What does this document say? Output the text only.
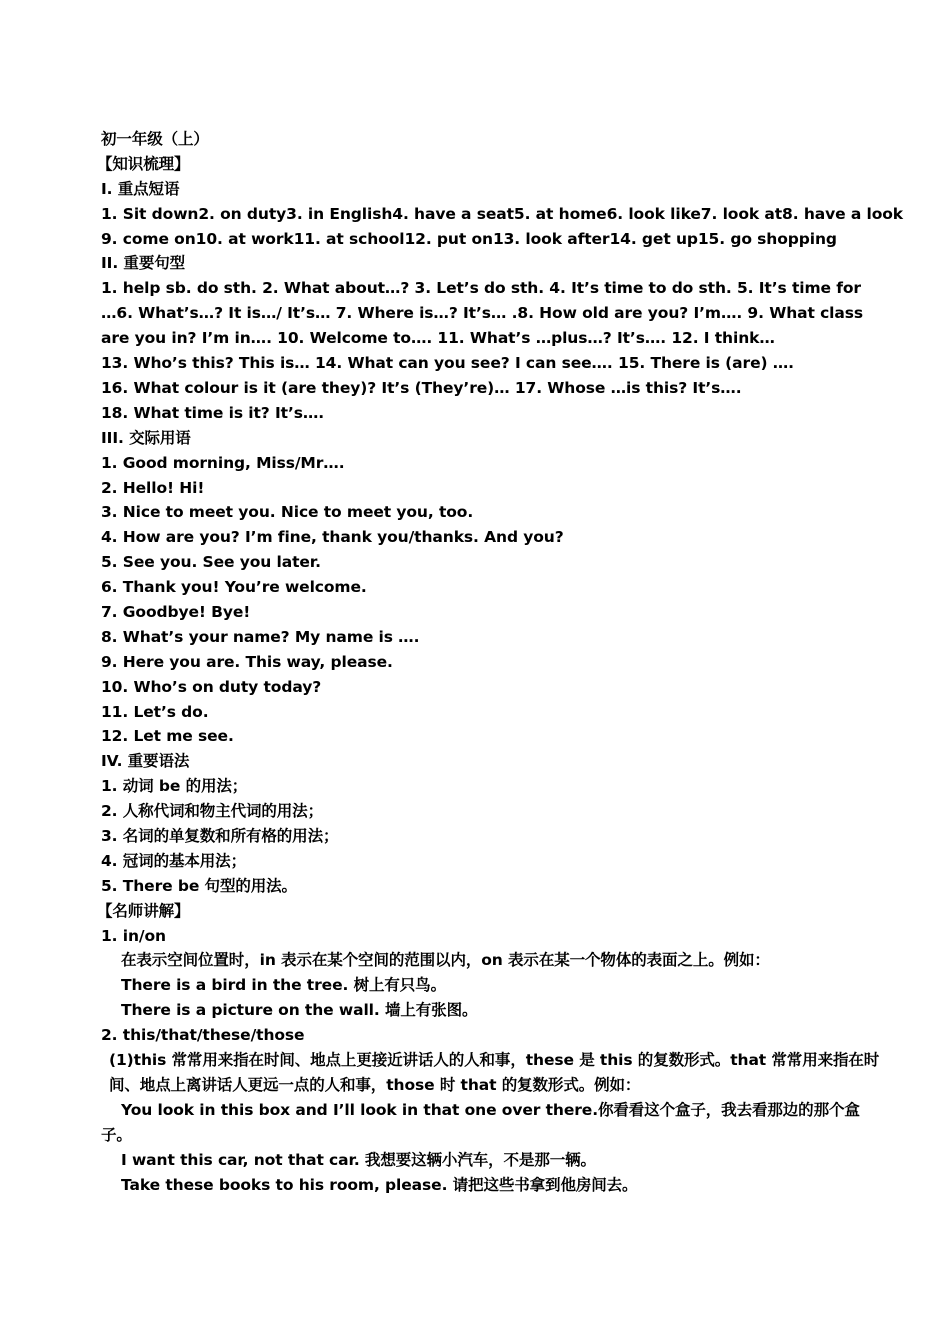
初一年级（上）
【知识梳理】
I. 重点短语
1. Sit down2. on duty3. in English4. have a seat5. at home6. look like7. look at8. have a look
9. come on10. at work11. at school12. put on13. look after14. get up15. go shopping
II. 重要句型
1. help sb. do sth. 2. What about…? 3. Let’s do sth. 4. It’s time to do sth. 5. It’s time for …6. What’s…? It is…/ It’s… 7. Where is…? It’s… .8. How old are you? I’m…. 9. What class are you in? I’m in…. 10. Welcome to…. 11. What’s …plus…? It’s…. 12. I think…
13. Who’s this? This is… 14. What can you see? I can see…. 15. There is (are) ….
16. What colour is it (are they)? It’s (They’re)… 17. Whose …is this? It’s….
18. What time is it? It’s….
III. 交际用语
1. Good morning, Miss/Mr….
2. Hello! Hi!
3. Nice to meet you. Nice to meet you, too.
4. How are you? I’m fine, thank you/thanks. And you?
5. See you. See you later.
6. Thank you! You’re welcome.
7. Goodbye! Bye!
8. What’s your name? My name is ….
9. Here you are. This way, please.
10. Who’s on duty today?
11. Let’s do.
12. Let me see.
IV. 重要语法
1. 动词 be 的用法；
2. 人称代词和物主代词的用法；
3. 名词的单复数和所有格的用法；
4. 冠词的基本用法；
5. There be 句型的用法。
【名师讲解】
1. in/on
在表示空间位置时，in 表示在某个空间的范围以内，on 表示在某一个物体的表面之上。例如：
There is a bird in the tree. 树上有只鸟。
There is a picture on the wall. 墙上有张图。
2. this/that/these/those
(1)this 常常用来指在时间、地点上更接近讲话人的人和事，these 是 this 的复数形式。that 常常用来指在时间、地点上离讲话人更远一点的人和事，those 时 that 的复数形式。例如：
You look in this box and I’ll look in that one over there.你看看这个盒子，我去看那边的那个盒子。
I want this car, not that car. 我想要这辆小汽车，不是那一辆。
Take these books to his room, please. 请把这些书拿到他房间去。
